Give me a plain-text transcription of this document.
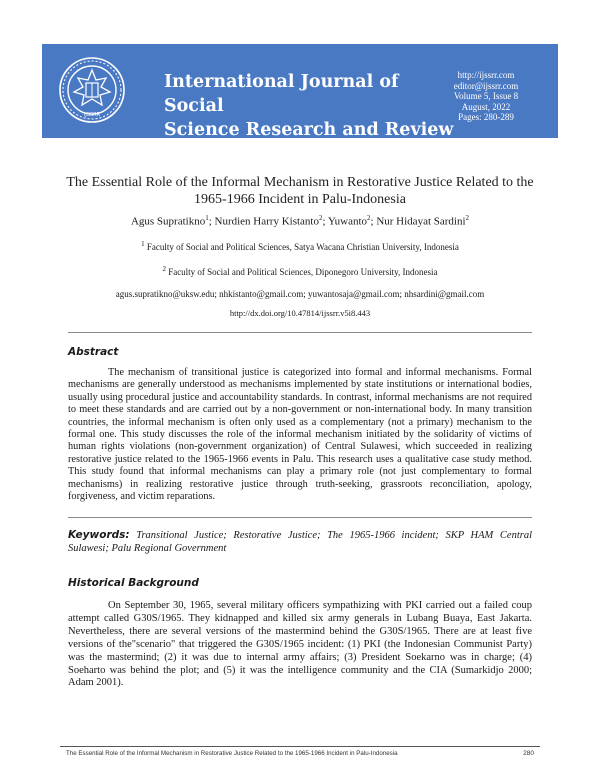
IJSSRR
International Journal of Social
Science Research and Review
http://ijssrr.com
editor@ijssrr.com
Volume 5, Issue 8
August, 2022
Pages: 280-289
The Essential Role of the Informal Mechanism in Restorative Justice Related to the 1965-1966 Incident in Palu-Indonesia
Agus Supratikno$^1$; Nurdien Harry Kistanto$^2$; Yuwanto$^2$; Nur Hidayat Sardini$^2$
$^1$ Faculty of Social and Political Sciences, Satya Wacana Christian University, Indonesia
$^2$ Faculty of Social and Political Sciences, Diponegoro University, Indonesia
agus.supratikno@uksw.edu; nhkistanto@gmail.com; yuwantosaja@gmail.com; nhsardini@gmail.com
http://dx.doi.org/10.47814/ijssrr.v5i8.443
Abstract

The mechanism of transitional justice is categorized into formal and informal mechanisms. Formal mechanisms are generally understood as mechanisms implemented by state institutions or international bodies, usually using procedural justice and accountability standards. In contrast, informal mechanisms are not required to meet these standards and are carried out by a non-government or non-international body. In many transition countries, the informal mechanism is often only used as a complementary (not a primary) mechanism to the formal one. This study discusses the role of the informal mechanism initiated by the solidarity of victims of human rights violations (non-government organization) of Central Sulawesi, which succeeded in realizing restorative justice related to the 1965-1966 events in Palu. This research uses a qualitative case study method. This study found that informal mechanisms can play a primary role (not just complementary to formal mechanisms) in realizing restorative justice through truth-seeking, grassroots reconciliation, apology, forgiveness, and victim reparations.

Keywords: Transitional Justice; Restorative Justice; The 1965-1966 incident; SKP HAM Central Sulawesi; Palu Regional Government

Historical Background

On September 30, 1965, several military officers sympathizing with PKI carried out a failed coup attempt called G30S/1965. They kidnapped and killed six army generals in Lubang Buaya, East Jakarta. Nevertheless, there are several versions of the mastermind behind the G30S/1965. There are at least five versions of the"scenario" that triggered the G30S/1965 incident: (1) PKI (the Indonesian Communist Party) was the mastermind; (2) it was due to internal army affairs; (3) President Soekarno was in charge; (4) Soeharto was behind the plot; and (5) it was the intelligence community and the CIA (Sumarkidjo 2000; Adam 2001).

The Essential Role of the Informal Mechanism in Restorative Justice Related to the 1965-1966 Incident in Palu-Indonesia	280
